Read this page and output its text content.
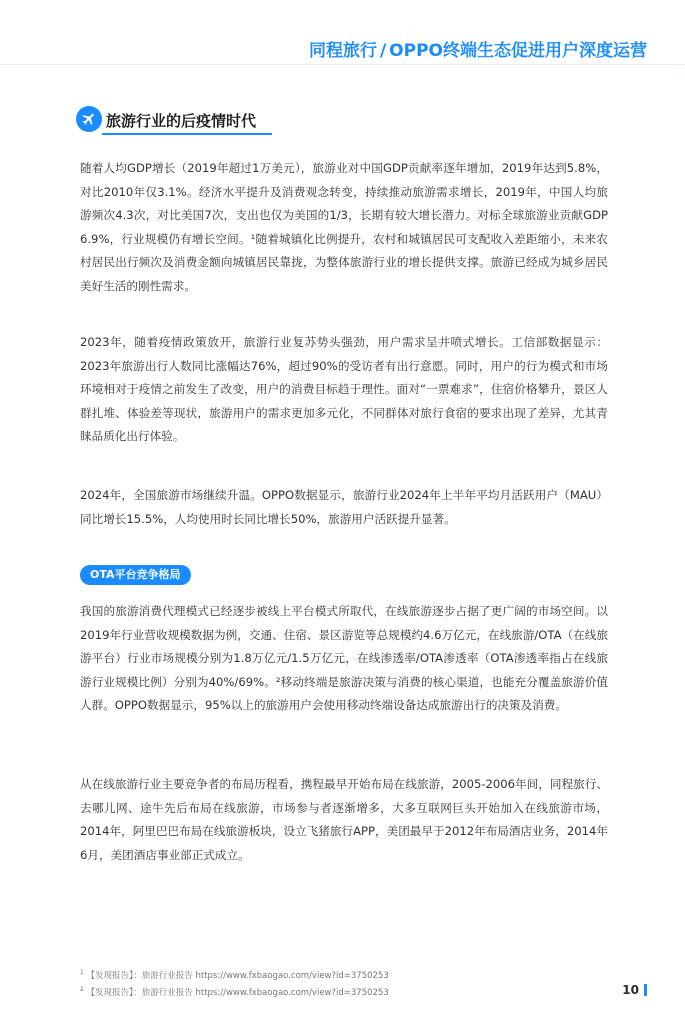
同程旅行 / OPPO终端生态促进用户深度运营
旅游行业的后疫情时代

随着人均GDP增长（2019年超过1万美元），旅游业对中国GDP贡献率逐年增加，2019年达到5.8%，对比2010年仅3.1%。经济水平提升及消费观念转变，持续推动旅游需求增长，2019年，中国人均旅游频次4.3次，对比美国7次，支出也仅为美国的1/3，长期有较大增长潜力。对标全球旅游业贡献GDP 6.9%，行业规模仍有增长空间。¹随着城镇化比例提升，农村和城镇居民可支配收入差距缩小，未来农村居民出行频次及消费金额向城镇居民靠拢，为整体旅游行业的增长提供支撑。旅游已经成为城乡居民美好生活的刚性需求。

2023年，随着疫情政策放开，旅游行业复苏势头强劲，用户需求呈井喷式增长。工信部数据显示：2023年旅游出行人数同比涨幅达76%，超过90%的受访者有出行意愿。同时，用户的行为模式和市场环境相对于疫情之前发生了改变，用户的消费目标趋于理性。面对“一票难求”，住宿价格攀升，景区人群扎堆、体验差等现状，旅游用户的需求更加多元化，不同群体对旅行食宿的要求出现了差异，尤其青睐品质化出行体验。

2024年，全国旅游市场继续升温。OPPO数据显示，旅游行业2024年上半年平均月活跃用户（MAU）同比增长15.5%，人均使用时长同比增长50%，旅游用户活跃提升显著。

OTA平台竞争格局

我国的旅游消费代理模式已经逐步被线上平台模式所取代，在线旅游逐步占据了更广阔的市场空间。以2019年行业营收规模数据为例，交通、住宿、景区游览等总规模约4.6万亿元，在线旅游/OTA（在线旅游平台）行业市场规模分别为1.8万亿元/1.5万亿元，在线渗透率/OTA渗透率（OTA渗透率指占在线旅游行业规模比例）分别为40%/69%。²移动终端是旅游决策与消费的核心渠道，也能充分覆盖旅游价值人群。OPPO数据显示，95%以上的旅游用户会使用移动终端设备达成旅游出行的决策及消费。

从在线旅游行业主要竞争者的布局历程看，携程最早开始布局在线旅游，2005-2006年间，同程旅行、去哪儿网、途牛先后布局在线旅游，市场参与者逐渐增多，大多互联网巨头开始加入在线旅游市场，2014年，阿里巴巴布局在线旅游板块，设立飞猪旅行APP，美团最早于2012年布局酒店业务，2014年6月，美团酒店事业部正式成立。

$^1$ 【发现报告】：旅游行业报告 https://www.fxbaogao.com/view?id=3750253
$^2$ 【发现报告】：旅游行业报告 https://www.fxbaogao.com/view?id=3750253	10
